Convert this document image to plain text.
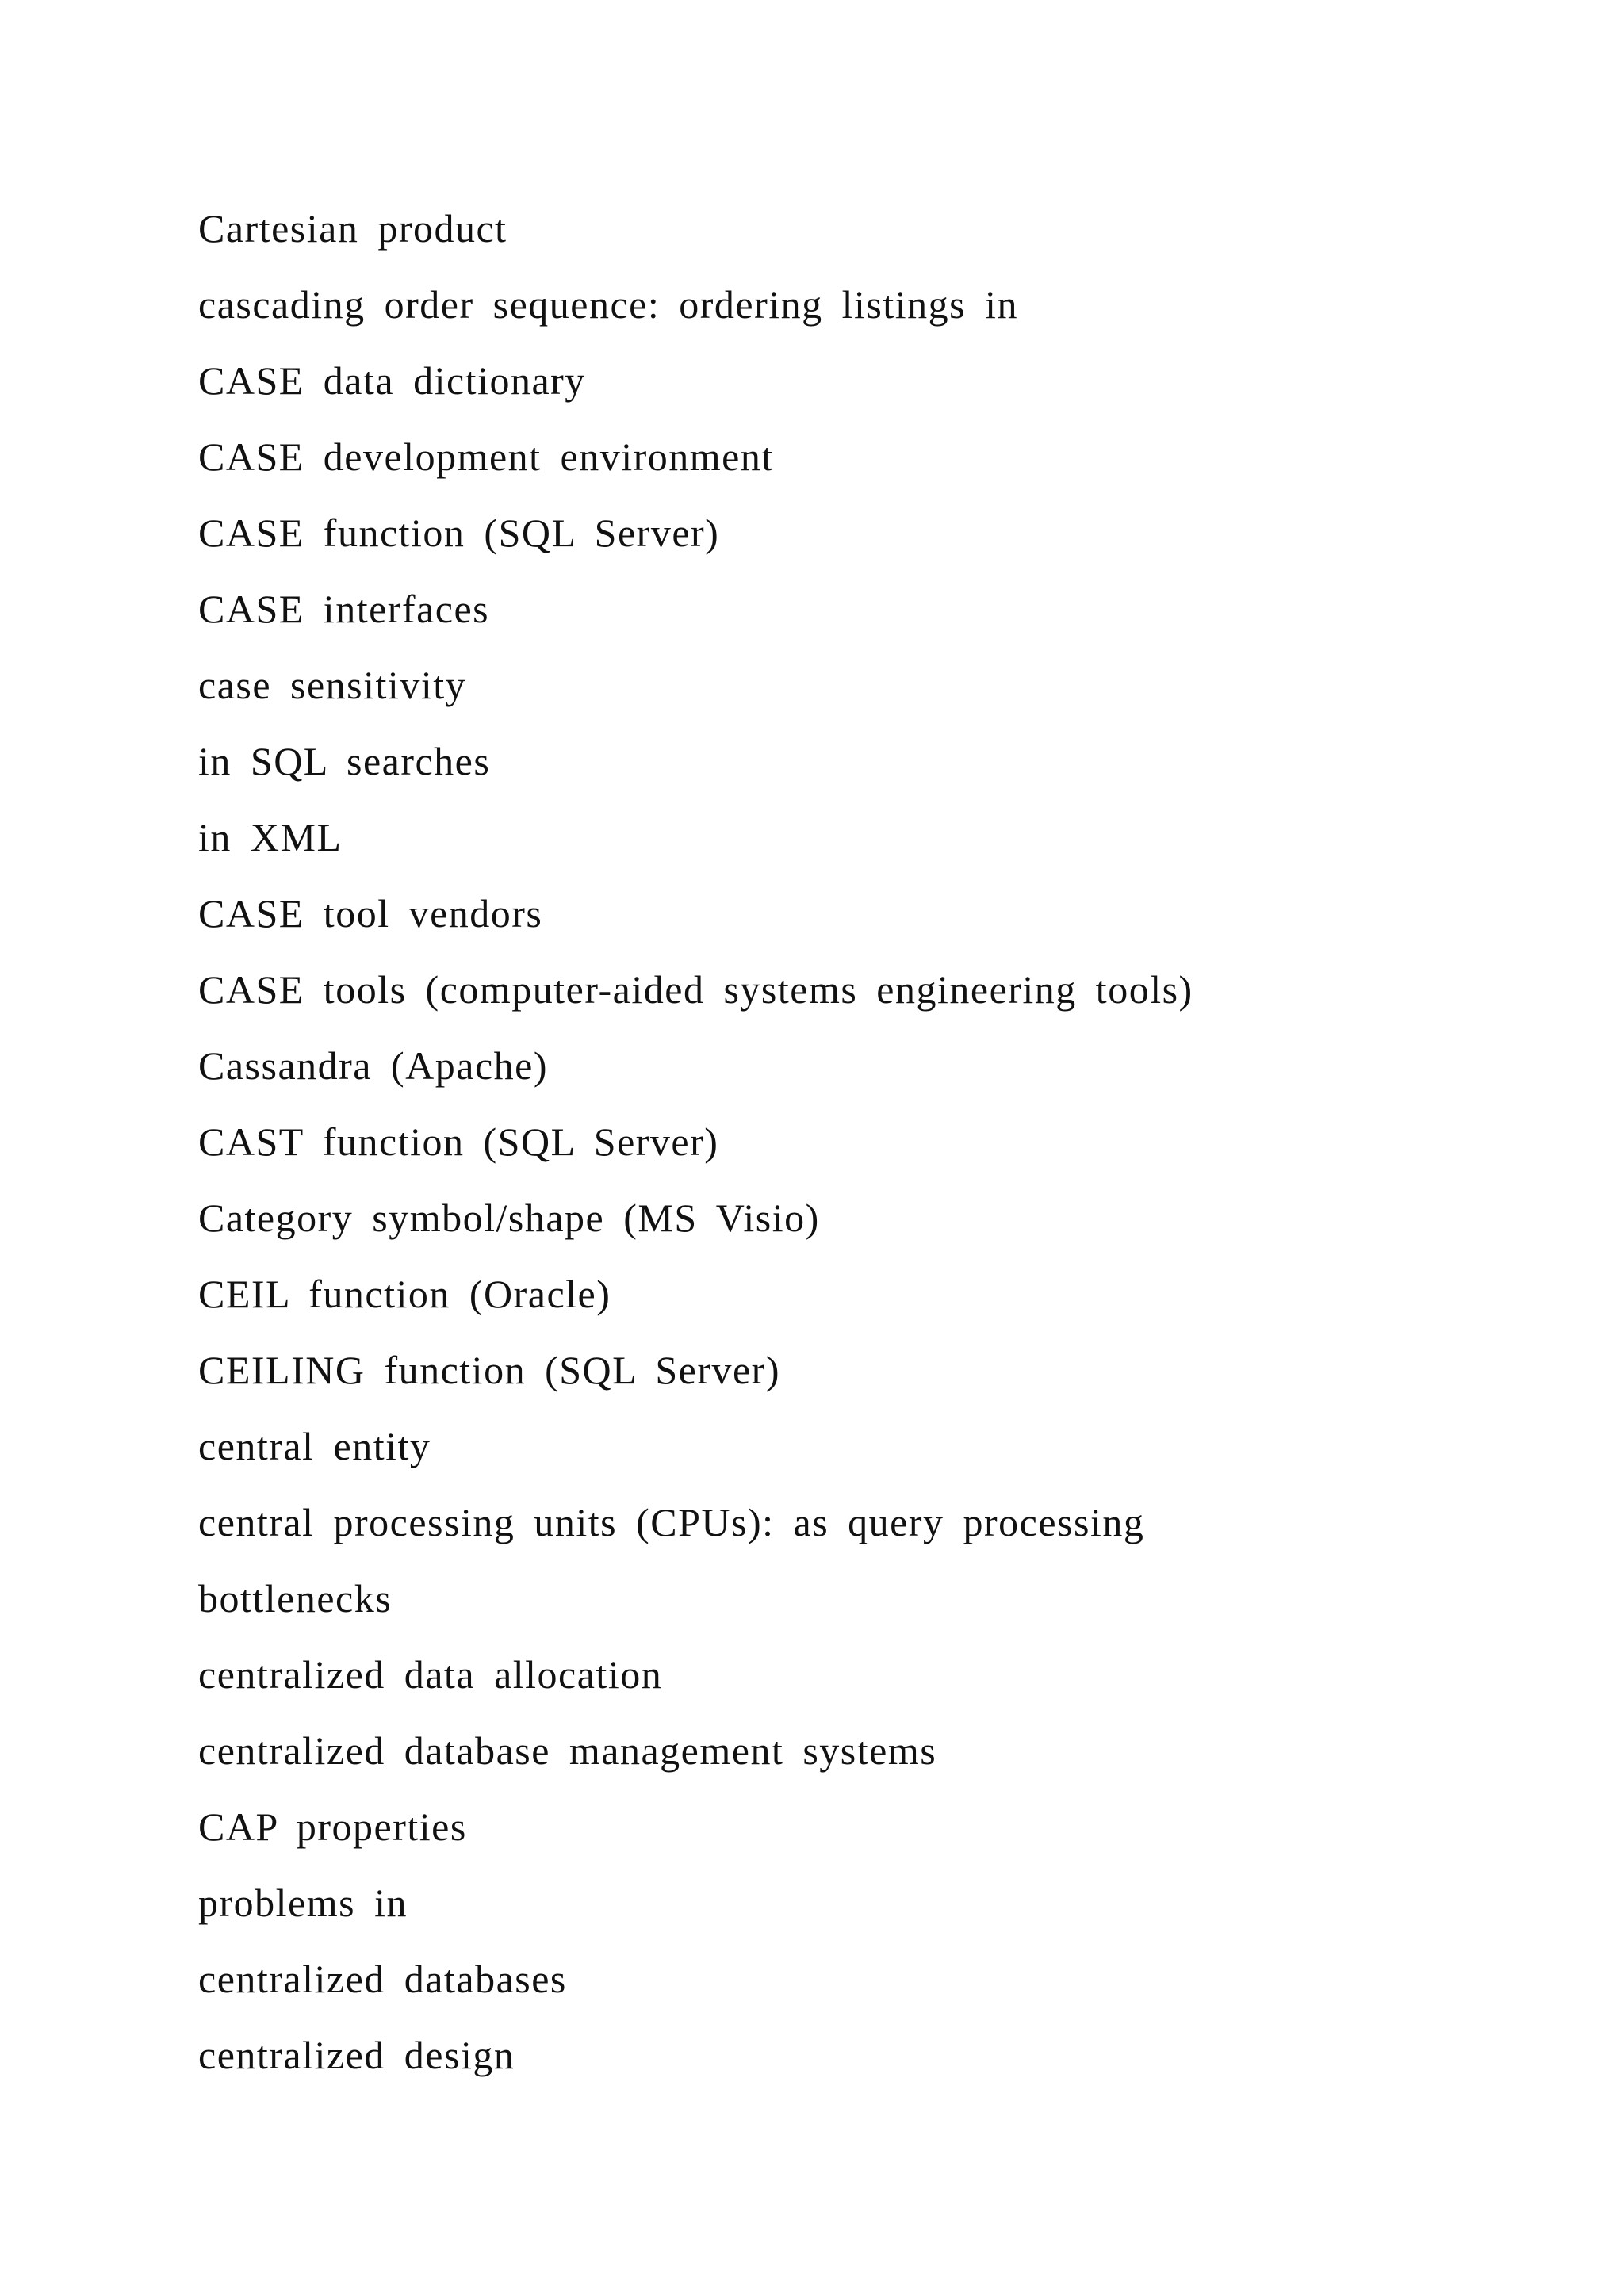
Cartesian product
cascading order sequence: ordering listings in
CASE data dictionary
CASE development environment
CASE function (SQL Server)
CASE interfaces
case sensitivity
in SQL searches
in XML
CASE tool vendors
CASE tools (computer-aided systems engineering tools)
Cassandra (Apache)
CAST function (SQL Server)
Category symbol/shape (MS Visio)
CEIL function (Oracle)
CEILING function (SQL Server)
central entity
central processing units (CPUs): as query processing
bottlenecks
centralized data allocation
centralized database management systems
CAP properties
problems in
centralized databases
centralized design
